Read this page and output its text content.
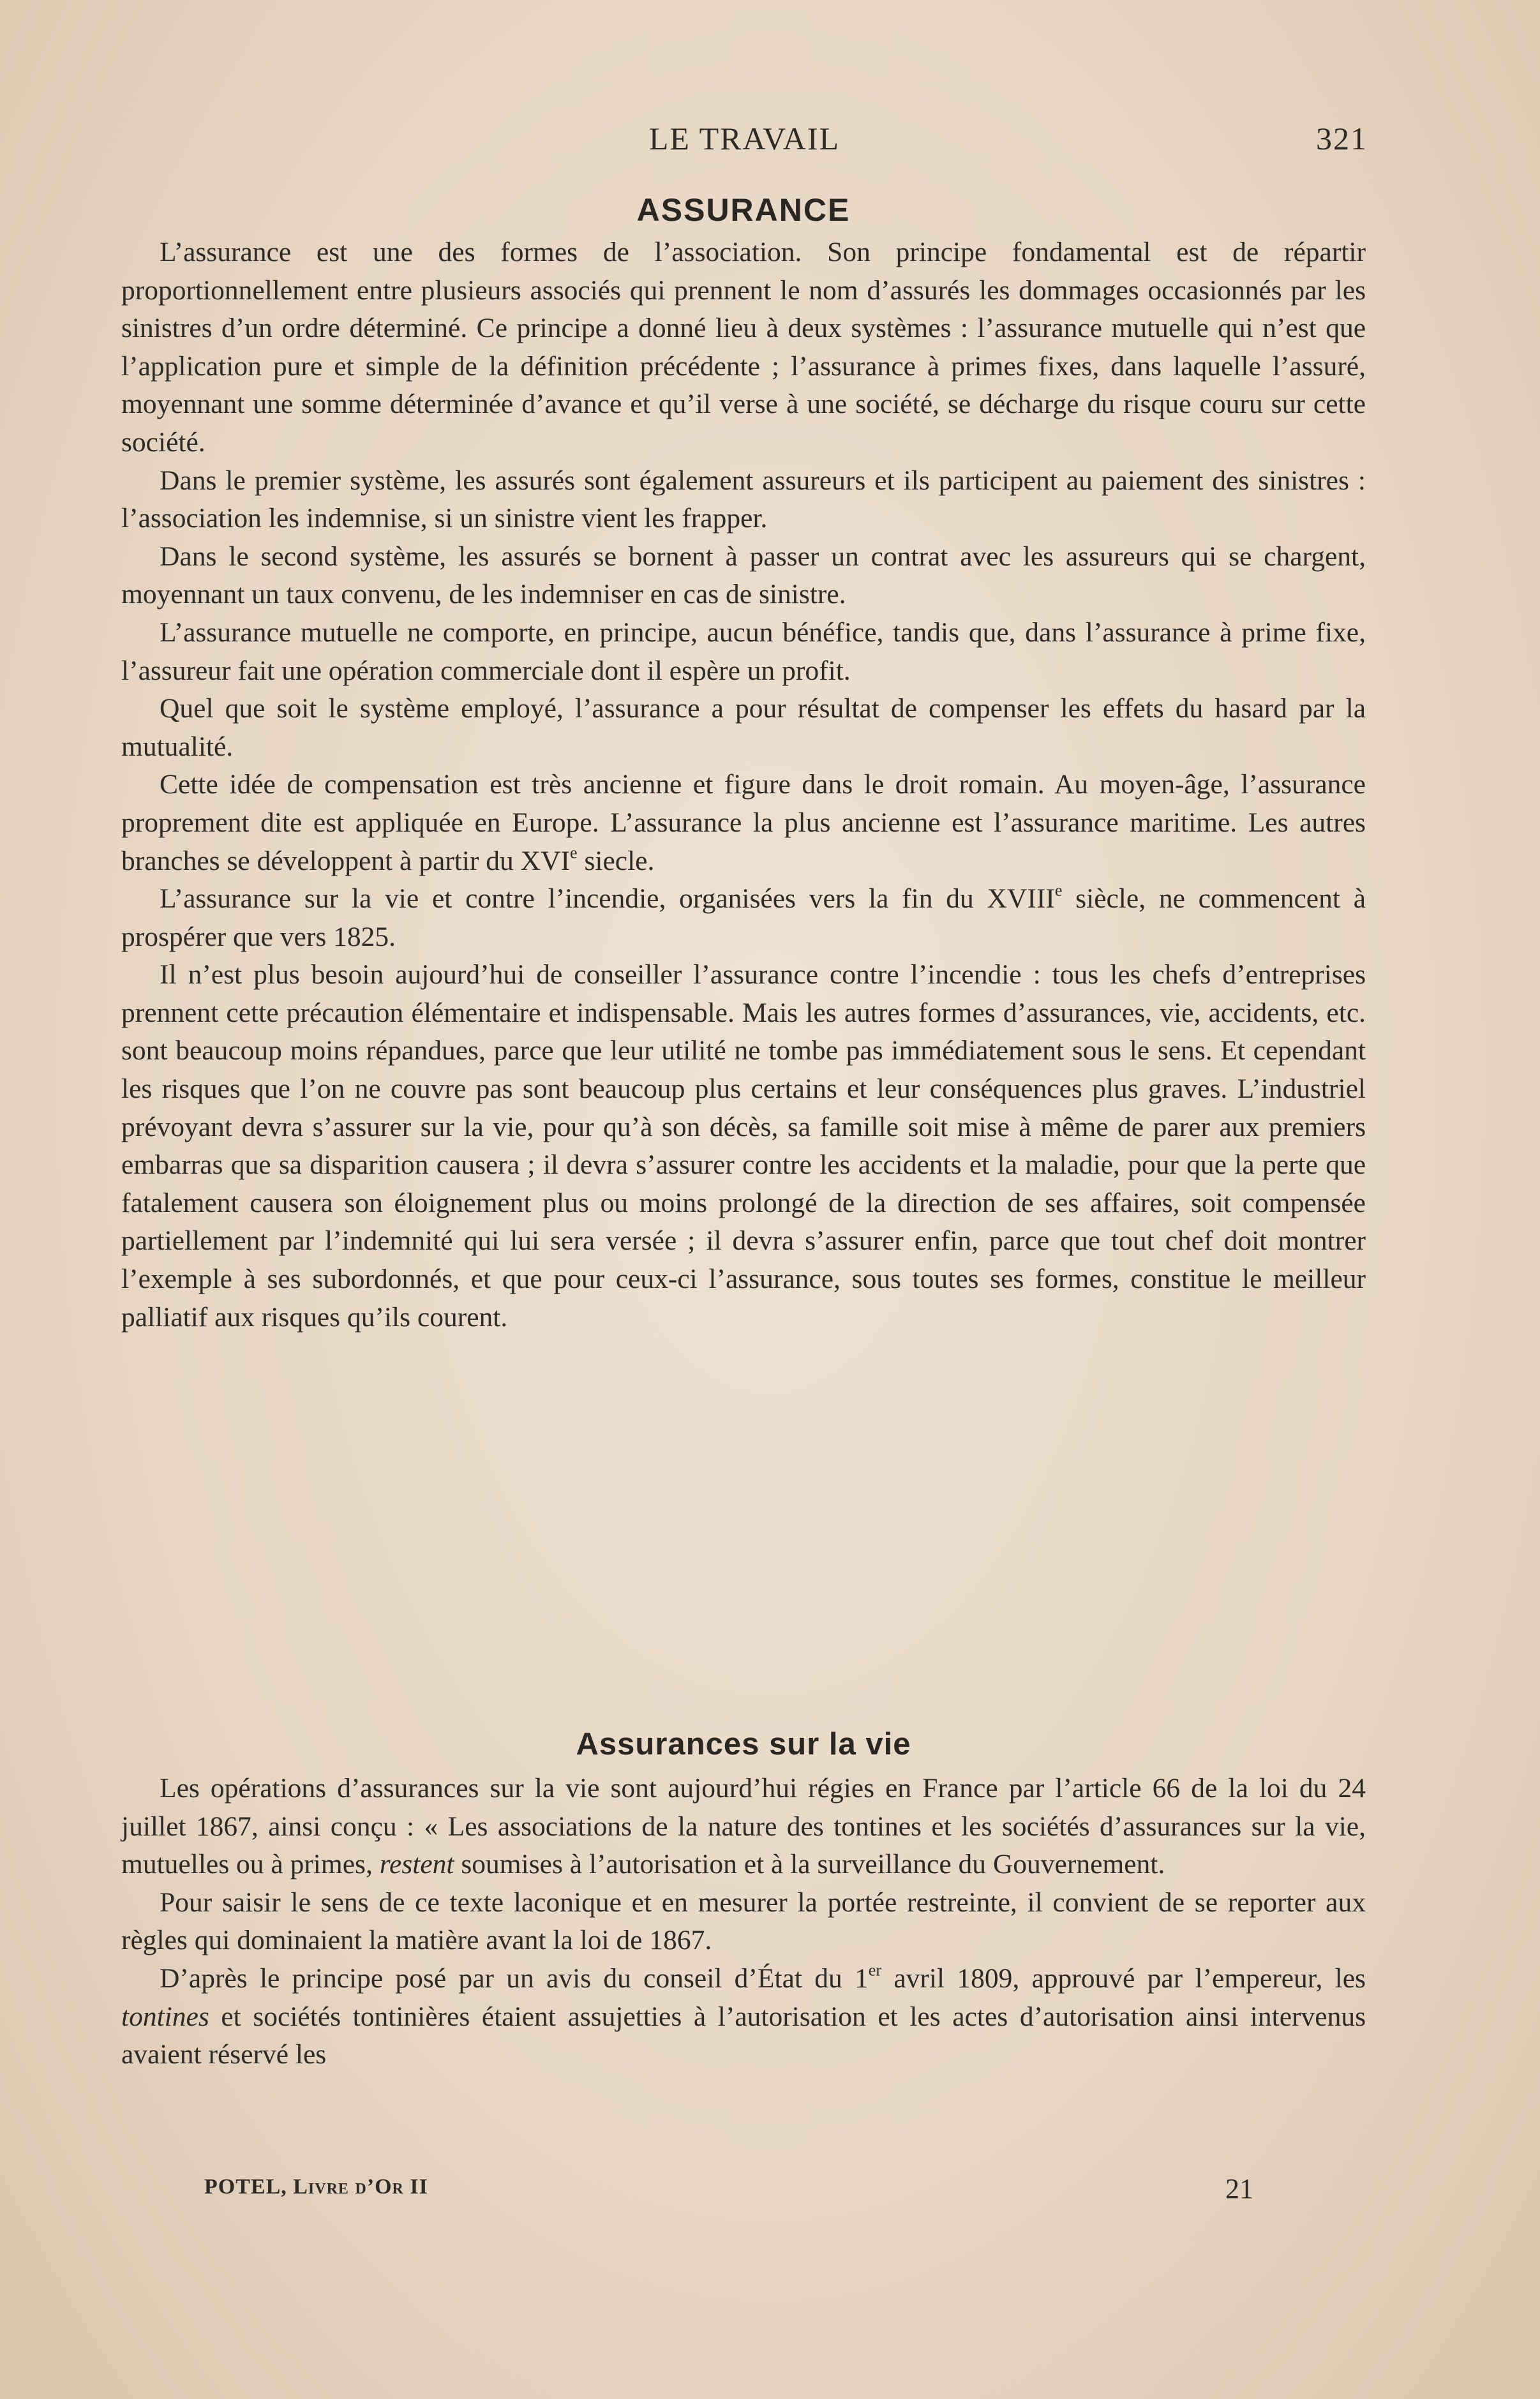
LE TRAVAIL	321
ASSURANCE

L’assurance est une des formes de l’association. Son principe fondamental est de répartir proportionnellement entre plusieurs associés qui prennent le nom d’assurés les dommages occasionnés par les sinistres d’un ordre déterminé. Ce principe a donné lieu à deux systèmes : l’assurance mutuelle qui n’est que l’application pure et simple de la définition précédente ; l’assurance à primes fixes, dans laquelle l’assuré, moyennant une somme déterminée d’avance et qu’il verse à une société, se décharge du risque couru sur cette société.

Dans le premier système, les assurés sont également assureurs et ils participent au paiement des sinistres : l’association les indemnise, si un sinistre vient les frapper.

Dans le second système, les assurés se bornent à passer un contrat avec les assureurs qui se chargent, moyennant un taux convenu, de les indemniser en cas de sinistre.

L’assurance mutuelle ne comporte, en principe, aucun bénéfice, tandis que, dans l’assurance à prime fixe, l’assureur fait une opération commerciale dont il espère un profit.

Quel que soit le système employé, l’assurance a pour résultat de compenser les effets du hasard par la mutualité.

Cette idée de compensation est très ancienne et figure dans le droit romain. Au moyen-âge, l’assurance proprement dite est appliquée en Europe. L’assurance la plus ancienne est l’assurance maritime. Les autres branches se développent à partir du XVIe siecle.

L’assurance sur la vie et contre l’incendie, organisées vers la fin du XVIIIe siècle, ne commencent à prospérer que vers 1825.

Il n’est plus besoin aujourd’hui de conseiller l’assurance contre l’incendie : tous les chefs d’entreprises prennent cette précaution élémentaire et indispensable. Mais les autres formes d’assurances, vie, accidents, etc. sont beaucoup moins répandues, parce que leur utilité ne tombe pas immédiatement sous le sens. Et cependant les risques que l’on ne couvre pas sont beaucoup plus certains et leur conséquences plus graves. L’industriel prévoyant devra s’assurer sur la vie, pour qu’à son décès, sa famille soit mise à même de parer aux premiers embarras que sa disparition causera ; il devra s’assurer contre les accidents et la maladie, pour que la perte que fatalement causera son éloignement plus ou moins prolongé de la direction de ses affaires, soit compensée partiellement par l’indemnité qui lui sera versée ; il devra s’assurer enfin, parce que tout chef doit montrer l’exemple à ses subordonnés, et que pour ceux-ci l’assurance, sous toutes ses formes, constitue le meilleur palliatif aux risques qu’ils courent.

Assurances sur la vie

Les opérations d’assurances sur la vie sont aujourd’hui régies en France par l’article 66 de la loi du 24 juillet 1867, ainsi conçu : « Les associations de la nature des tontines et les sociétés d’assurances sur la vie, mutuelles ou à primes, restent soumises à l’autorisation et à la surveillance du Gouvernement.

Pour saisir le sens de ce texte laconique et en mesurer la portée restreinte, il convient de se reporter aux règles qui dominaient la matière avant la loi de 1867.

D’après le principe posé par un avis du conseil d’État du 1er avril 1809, approuvé par l’empereur, les tontines et sociétés tontinières étaient assujetties à l’autorisation et les actes d’autorisation ainsi intervenus avaient réservé les

POTEL, Livre d’Or II	21
